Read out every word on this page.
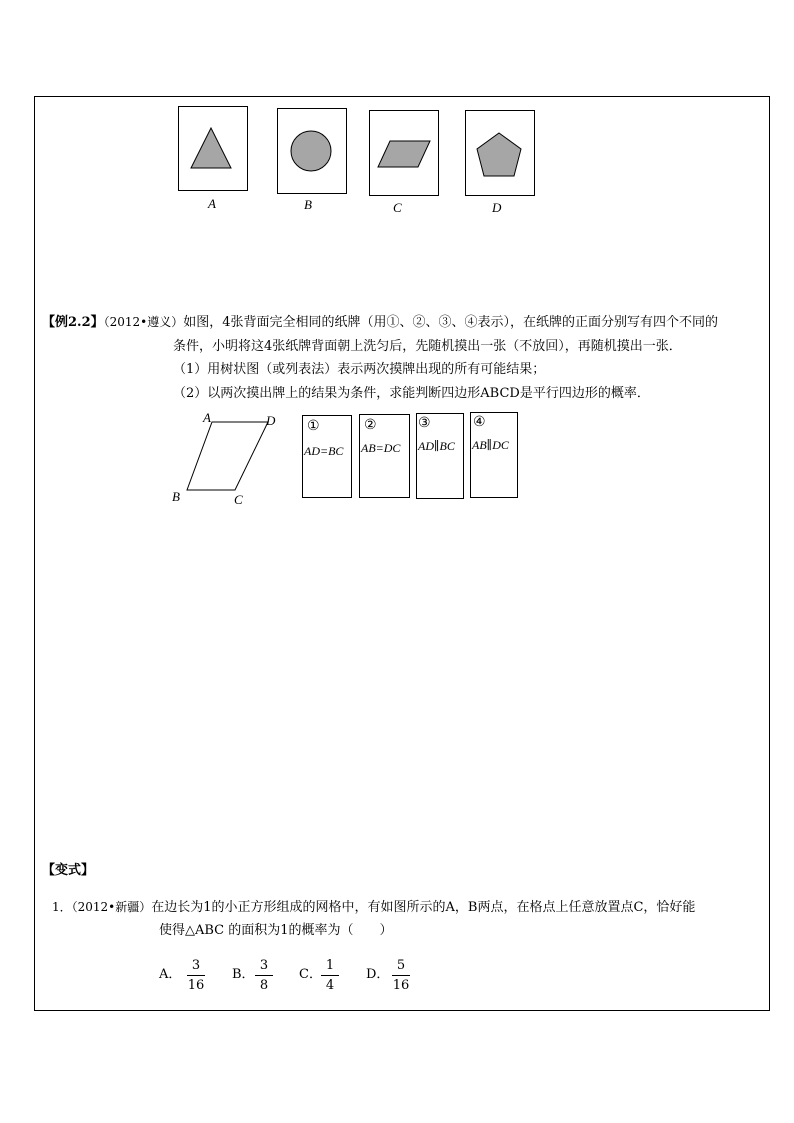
A	B	C	D
【例2.2】（2012•遵义）如图，4张背面完全相同的纸牌（用①、②、③、④表示），在纸牌的正面分别写有四个不同的
条件，小明将这4张纸牌背面朝上洗匀后，先随机摸出一张（不放回），再随机摸出一张．
（1）用树状图（或列表法）表示两次摸牌出现的所有可能结果；
（2）以两次摸出牌上的结果为条件，求能判断四边形ABCD是平行四边形的概率．
A	D
B	C
①
AD=BC
②
AB=DC
③
AD∥BC
④
AB∥DC
【变式】
1．（2012•新疆）在边长为1的小正方形组成的网格中，有如图所示的A，B两点，在格点上任意放置点C，恰好能
使得△ABC 的面积为1的概率为（　　）
A．
3
16
B．
3
8
C．
1
4
D．
5
16
